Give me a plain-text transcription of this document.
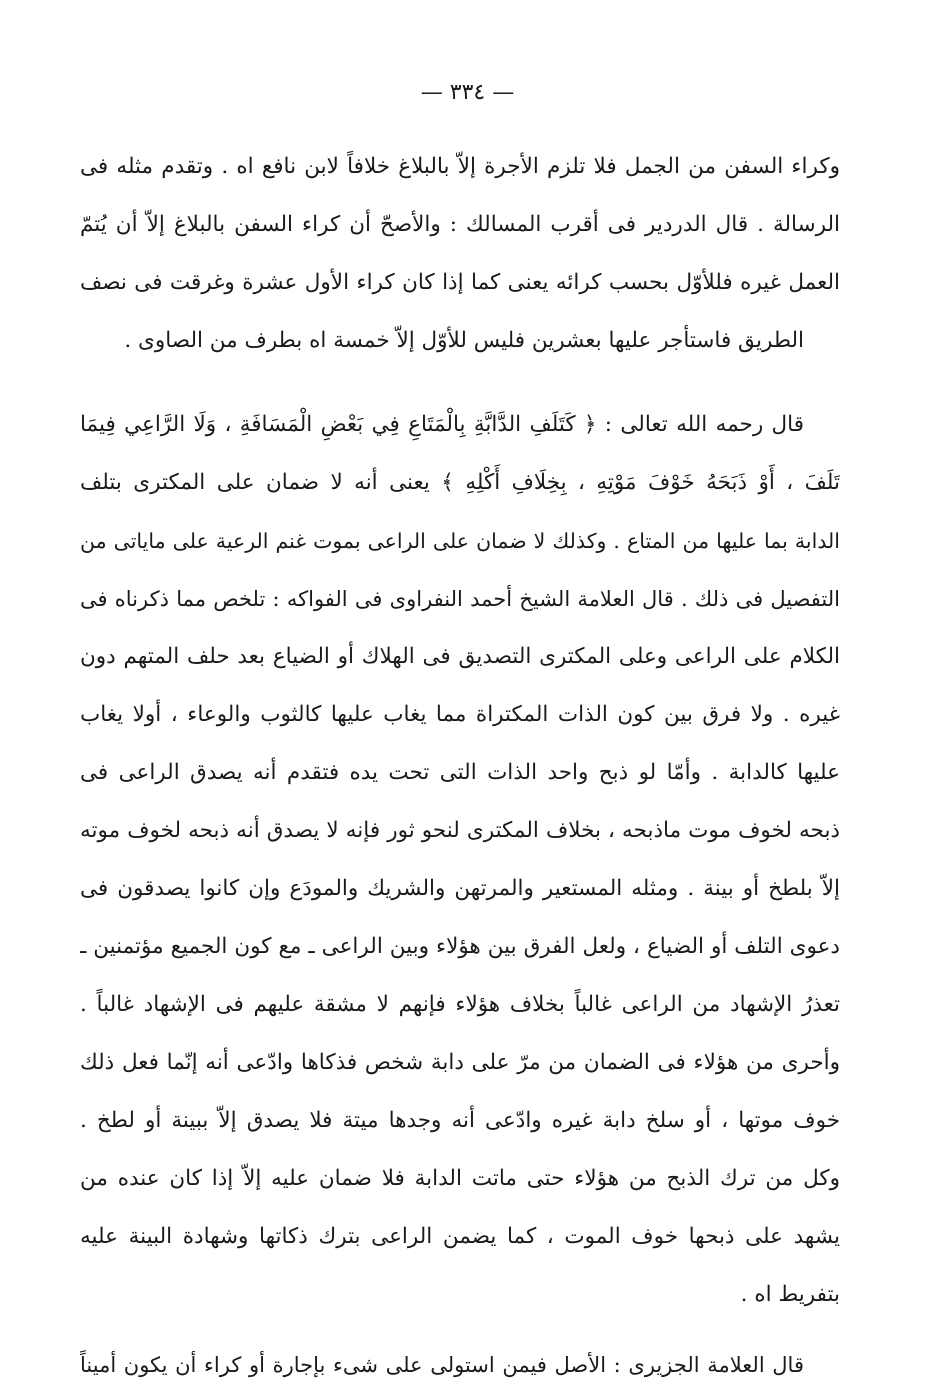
— ٣٣٤ —
وكراء السفن من الجمل فلا تلزم الأجرة إلاّ بالبلاغ خلافاً لابن نافع اه . وتقدم مثله فى
الرسالة . قال الدردير فى أقرب المسالك : والأصحّ أن كراء السفن بالبلاغ إلاّ أن يُتمّ
العمل غيره فللأوّل بحسب كرائه يعنى كما إذا كان كراء الأول عشرة وغرقت فى نصف
الطريق فاستأجر عليها بعشرين فليس للأوّل إلاّ خمسة اه بطرف من الصاوى .
قال رحمه الله تعالى : ﴿ كَتَلَفِ الدَّابَّةِ بِالْمَتَاعِ فِي بَعْضِ الْمَسَافَةِ ، وَلَا الرَّاعِي فِيمَا
تَلَفَ ، أَوْ ذَبَحَهُ خَوْفَ مَوْتِهِ ، بِخِلَافِ أَكْلِهِ ﴾ يعنى أنه لا ضمان على المكترى بتلف
الدابة بما عليها من المتاع . وكذلك لا ضمان على الراعى بموت غنم الرعية على ماياتى من
التفصيل فى ذلك . قال العلامة الشيخ أحمد النفراوى فى الفواكه : تلخص مما ذكرناه فى
الكلام على الراعى وعلى المكترى التصديق فى الهلاك أو الضياع بعد حلف المتهم دون
غيره . ولا فرق بين كون الذات المكتراة مما يغاب عليها كالثوب والوعاء ، أولا يغاب
عليها كالدابة . وأمّا لو ذبح واحد الذات التى تحت يده فتقدم أنه يصدق الراعى فى
ذبحه لخوف موت ماذبحه ، بخلاف المكترى لنحو ثور فإنه لا يصدق أنه ذبحه لخوف موته
إلاّ بلطخ أو بينة . ومثله المستعير والمرتهن والشريك والمودَع وإن كانوا يصدقون فى
دعوى التلف أو الضياع ، ولعل الفرق بين هؤلاء وبين الراعى ـ مع كون الجميع مؤتمنين ـ
تعذرُ الإشهاد من الراعى غالباً بخلاف هؤلاء فإنهم لا مشقة عليهم فى الإشهاد غالباً .
وأحرى من هؤلاء فى الضمان من مرّ على دابة شخص فذكاها وادّعى أنه إنّما فعل ذلك
خوف موتها ، أو سلخ دابة غيره وادّعى أنه وجدها ميتة فلا يصدق إلاّ ببينة أو لطخ .
وكل من ترك الذبح من هؤلاء حتى ماتت الدابة فلا ضمان عليه إلاّ إذا كان عنده من
يشهد على ذبحها خوف الموت ، كما يضمن الراعى بترك ذكاتها وشهادة البينة عليه
بتفريط اه .
قال العلامة الجزيرى : الأصل فيمن استولى على شىء بإجارة أو كراء أن يكون أميناً
